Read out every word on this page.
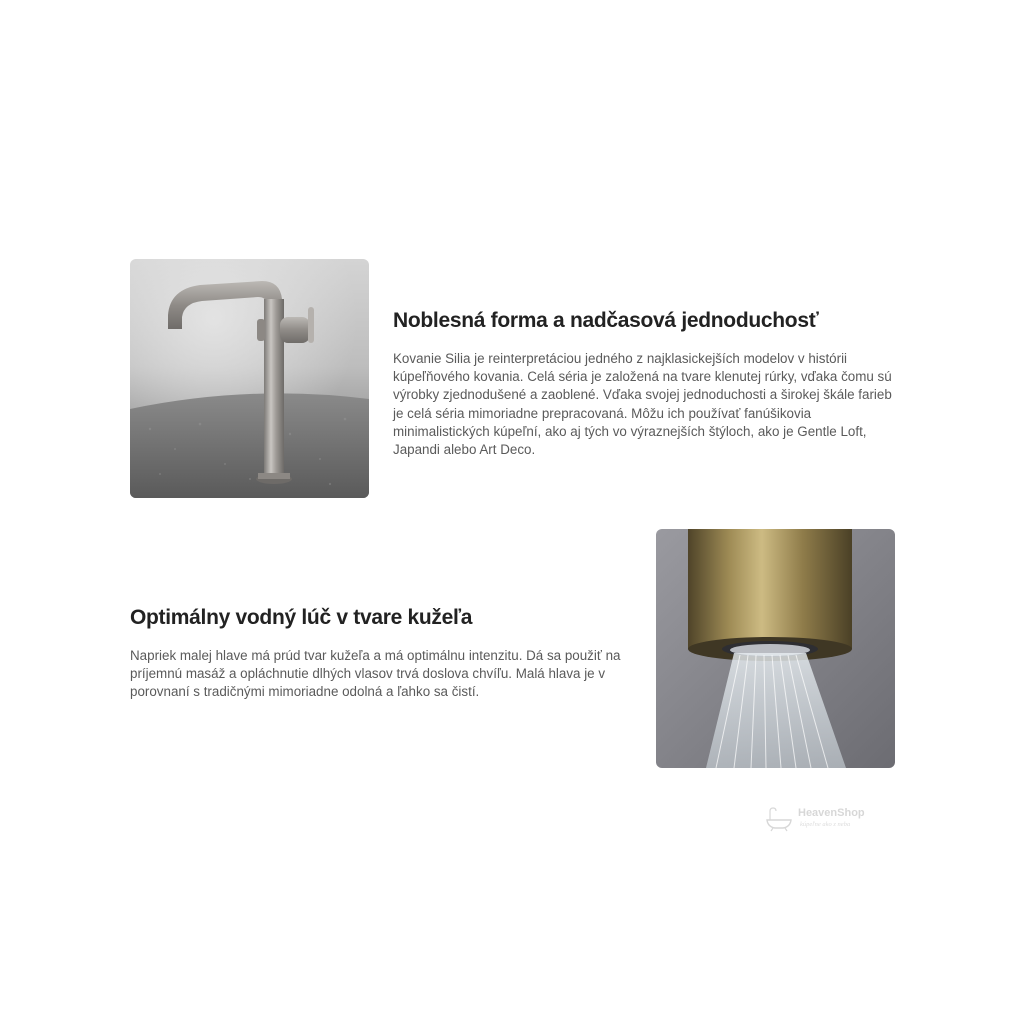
Noblesná forma a nadčasová jednoduchosť

Kovanie Silia je reinterpretáciou jedného z najklasickejších modelov v histórii kúpeľňového kovania. Celá séria je založená na tvare klenutej rúrky, vďaka čomu sú výrobky zjednodušené a zaoblené. Vďaka svojej jednoduchosti a širokej škále farieb je celá séria mimoriadne prepracovaná. Môžu ich používať fanúšikovia minimalistických kúpeľní, ako aj tých vo výraznejších štýloch, ako je Gentle Loft, Japandi alebo Art Deco.

Optimálny vodný lúč v tvare kužeľa

Napriek malej hlave má prúd tvar kužeľa a má optimálnu intenzitu. Dá sa použiť na príjemnú masáž a opláchnutie dlhých vlasov trvá doslova chvíľu. Malá hlava je v porovnaní s tradičnými mimoriadne odolná a ľahko sa čistí.

HeavenShop
kúpeľne ako z neba
